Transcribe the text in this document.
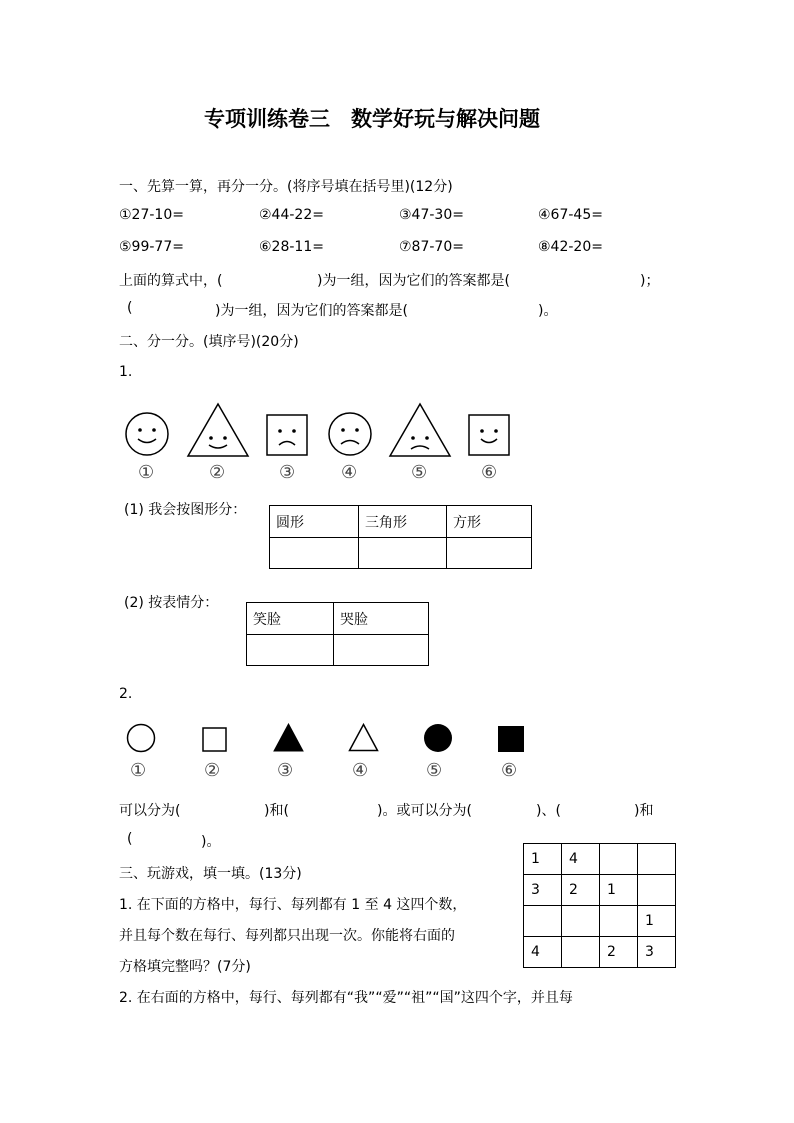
专项训练卷三　数学好玩与解决问题
一、先算一算，再分一分。(将序号填在括号里)(12分)
①27-10=	②44-22=	③47-30=	④67-45=
⑤99-77=	⑥28-11=	⑦87-70=	⑧42-20=
上面的算式中，(	)为一组，因为它们的答案都是(	)；
(	)为一组，因为它们的答案都是(	)。
二、分一分。(填序号)(20分)
1.
①	②	③	④	⑤	⑥
(1) 我会按图形分：
圆形	三角形	方形

(2) 按表情分：
笑脸	哭脸

2.
①	②	③	④	⑤	⑥
可以分为(	)和(	)。或可以分为(	)、(	)和
(	)。
三、玩游戏，填一填。(13分)
1. 在下面的方格中，每行、每列都有 1 至 4 这四个数，
并且每个数在每行、每列都只出现一次。你能将右面的
方格填完整吗？(7分)
1	4		
3	2	1	
			1
4		2	3
2. 在右面的方格中，每行、每列都有“我”“爱”“祖”“国”这四个字，并且每
